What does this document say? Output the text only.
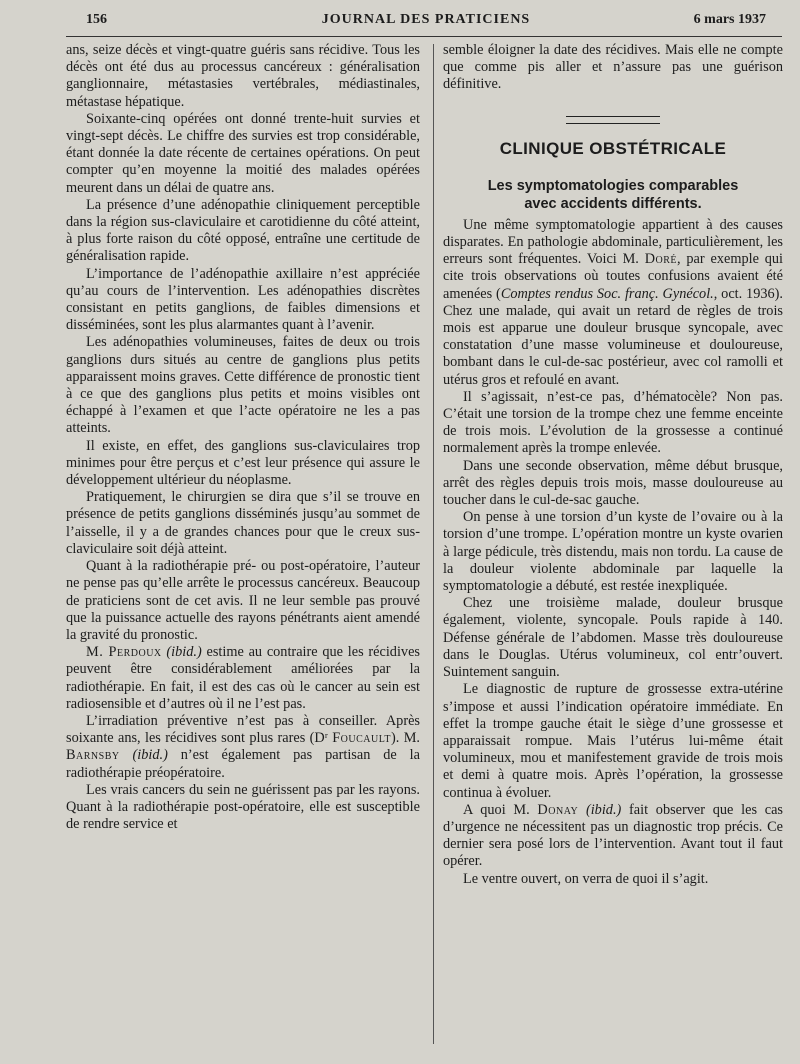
156	JOURNAL DES PRATICIENS	6 mars 1937

ans, seize décès et vingt-quatre guéris sans récidive. Tous les décès ont été dus au processus cancéreux : généralisation ganglionnaire, métastasies vertébrales, médiastinales, métastase hépatique.

Soixante-cinq opérées ont donné trente-huit survies et vingt-sept décès. Le chiffre des survies est trop considérable, étant donnée la date récente de certaines opérations. On peut compter qu’en moyenne la moitié des malades opérées meurent dans un délai de quatre ans.

La présence d’une adénopathie cliniquement perceptible dans la région sus-claviculaire et carotidienne du côté atteint, à plus forte raison du côté opposé, entraîne une certitude de généralisation rapide.

L’importance de l’adénopathie axillaire n’est appréciée qu’au cours de l’intervention. Les adénopathies discrètes consistant en petits ganglions, de faibles dimensions et disséminées, sont les plus alarmantes quant à l’avenir.

Les adénopathies volumineuses, faites de deux ou trois ganglions durs situés au centre de ganglions plus petits apparaissent moins graves. Cette différence de pronostic tient à ce que des ganglions plus petits et moins visibles ont échappé à l’examen et que l’acte opératoire ne les a pas atteints.

Il existe, en effet, des ganglions sus-claviculaires trop minimes pour être perçus et c’est leur présence qui assure le développement ultérieur du néoplasme.

Pratiquement, le chirurgien se dira que s’il se trouve en présence de petits ganglions disséminés jusqu’au sommet de l’aisselle, il y a de grandes chances pour que le creux sus-claviculaire soit déjà atteint.

Quant à la radiothérapie pré- ou post-opératoire, l’auteur ne pense pas qu’elle arrête le processus cancéreux. Beaucoup de praticiens sont de cet avis. Il ne leur semble pas prouvé que la puissance actuelle des rayons pénétrants aient amendé la gravité du pronostic.

M. Perdoux (ibid.) estime au contraire que les récidives peuvent être considérablement améliorées par la radiothérapie. En fait, il est des cas où le cancer au sein est radiosensible et d’autres où il ne l’est pas.

L’irradiation préventive n’est pas à conseiller. Après soixante ans, les récidives sont plus rares (Dʳ Foucault). M. Barnsby (ibid.) n’est également pas partisan de la radiothérapie préopératoire.

Les vrais cancers du sein ne guérissent pas par les rayons. Quant à la radiothérapie post-opératoire, elle est susceptible de rendre service et

semble éloigner la date des récidives. Mais elle ne compte que comme pis aller et n’assure pas une guérison définitive.

CLINIQUE OBSTÉTRICALE
Les symptomatologies comparables
avec accidents différents.

Une même symptomatologie appartient à des causes disparates. En pathologie abdominale, particulièrement, les erreurs sont fréquentes. Voici M. Doré, par exemple qui cite trois observations où toutes confusions avaient été amenées (Comptes rendus Soc. franç. Gynécol., oct. 1936). Chez une malade, qui avait un retard de règles de trois mois est apparue une douleur brusque syncopale, avec constatation d’une masse volumineuse et douloureuse, bombant dans le cul-de-sac postérieur, avec col ramolli et utérus gros et refoulé en avant.

Il s’agissait, n’est-ce pas, d’hématocèle? Non pas. C’était une torsion de la trompe chez une femme enceinte de trois mois. L’évolution de la grossesse a continué normalement après la trompe enlevée.

Dans une seconde observation, même début brusque, arrêt des règles depuis trois mois, masse douloureuse au toucher dans le cul-de-sac gauche.

On pense à une torsion d’un kyste de l’ovaire ou à la torsion d’une trompe. L’opération montre un kyste ovarien à large pédicule, très distendu, mais non tordu. La cause de la douleur violente abdominale par laquelle la symptomatologie a débuté, est restée inexpliquée.

Chez une troisième malade, douleur brusque également, violente, syncopale. Pouls rapide à 140. Défense générale de l’abdomen. Masse très douloureuse dans le Douglas. Utérus volumineux, col entr’ouvert. Suintement sanguin.

Le diagnostic de rupture de grossesse extra-utérine s’impose et aussi l’indication opératoire immédiate. En effet la trompe gauche était le siège d’une grossesse et apparaissait rompue. Mais l’utérus lui-même était volumineux, mou et manifestement gravide de trois mois et demi à quatre mois. Après l’opération, la grossesse continua à évoluer.

A quoi M. Donay (ibid.) fait observer que les cas d’urgence ne nécessitent pas un diagnostic trop précis. Ce dernier sera posé lors de l’intervention. Avant tout il faut opérer.

Le ventre ouvert, on verra de quoi il s’agit.
